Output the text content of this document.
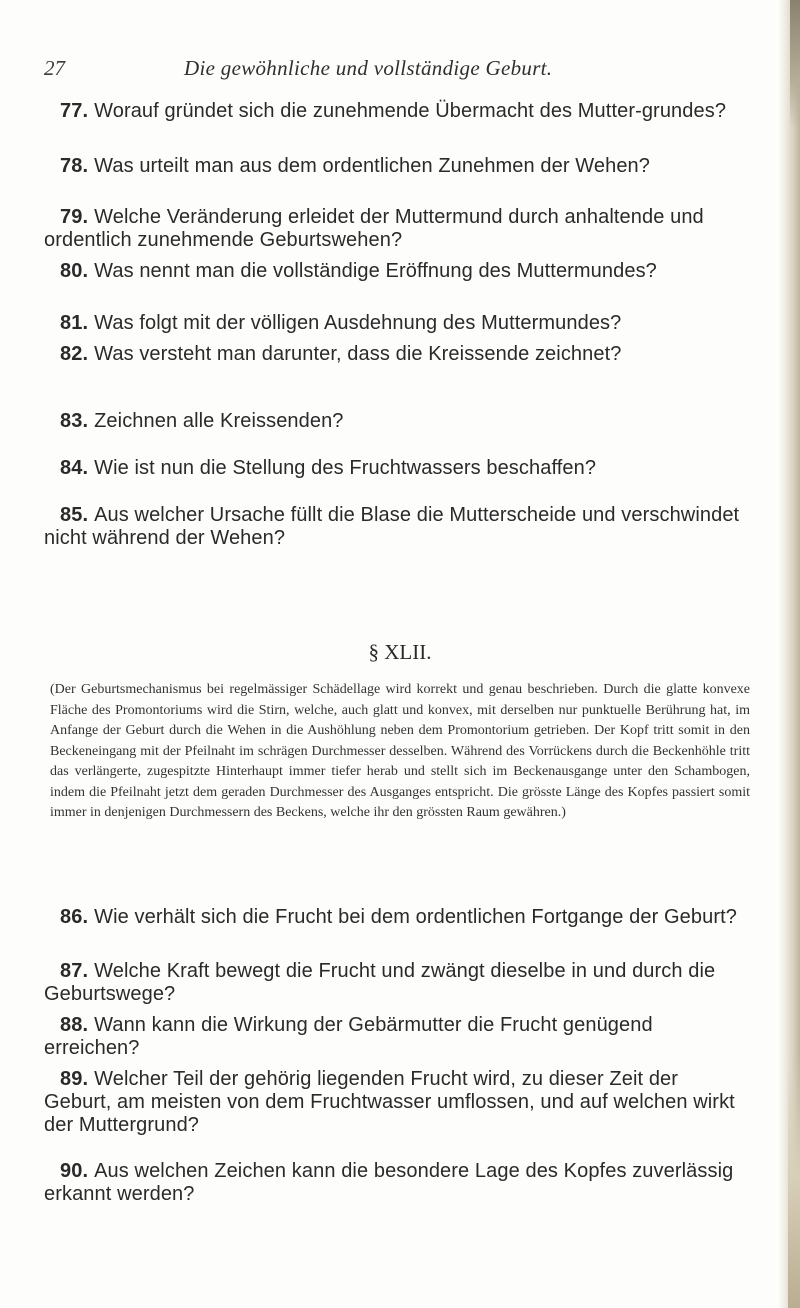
27	Die gewöhnliche und vollständige Geburt.
77. Worauf gründet sich die zunehmende Übermacht des Mutter-grundes?
78. Was urteilt man aus dem ordentlichen Zunehmen der Wehen?
79. Welche Veränderung erleidet der Muttermund durch anhaltende und ordentlich zunehmende Geburtswehen?
80. Was nennt man die vollständige Eröffnung des Muttermundes?
81. Was folgt mit der völligen Ausdehnung des Muttermundes?
82. Was versteht man darunter, dass die Kreissende zeichnet?
83. Zeichnen alle Kreissenden?
84. Wie ist nun die Stellung des Fruchtwassers beschaffen?
85. Aus welcher Ursache füllt die Blase die Mutterscheide und verschwindet nicht während der Wehen?
§ XLII.
(Der Geburtsmechanismus bei regelmässiger Schädellage wird korrekt und genau beschrieben. Durch die glatte konvexe Fläche des Promontoriums wird die Stirn, welche, auch glatt und konvex, mit derselben nur punktuelle Berührung hat, im Anfange der Geburt durch die Wehen in die Aushöhlung neben dem Promontorium getrieben. Der Kopf tritt somit in den Beckeneingang mit der Pfeilnaht im schrägen Durchmesser desselben. Während des Vorrückens durch die Beckenhöhle tritt das verlängerte, zugespitzte Hinterhaupt immer tiefer herab und stellt sich im Beckenausgange unter den Schambogen, indem die Pfeilnaht jetzt dem geraden Durchmesser des Ausganges entspricht. Die grösste Länge des Kopfes passiert somit immer in denjenigen Durchmessern des Beckens, welche ihr den grössten Raum gewähren.)
86. Wie verhält sich die Frucht bei dem ordentlichen Fortgange der Geburt?
87. Welche Kraft bewegt die Frucht und zwängt dieselbe in und durch die Geburtswege?
88. Wann kann die Wirkung der Gebärmutter die Frucht genügend erreichen?
89. Welcher Teil der gehörig liegenden Frucht wird, zu dieser Zeit der Geburt, am meisten von dem Fruchtwasser umflossen, und auf welchen wirkt der Muttergrund?
90. Aus welchen Zeichen kann die besondere Lage des Kopfes zuverlässig erkannt werden?
